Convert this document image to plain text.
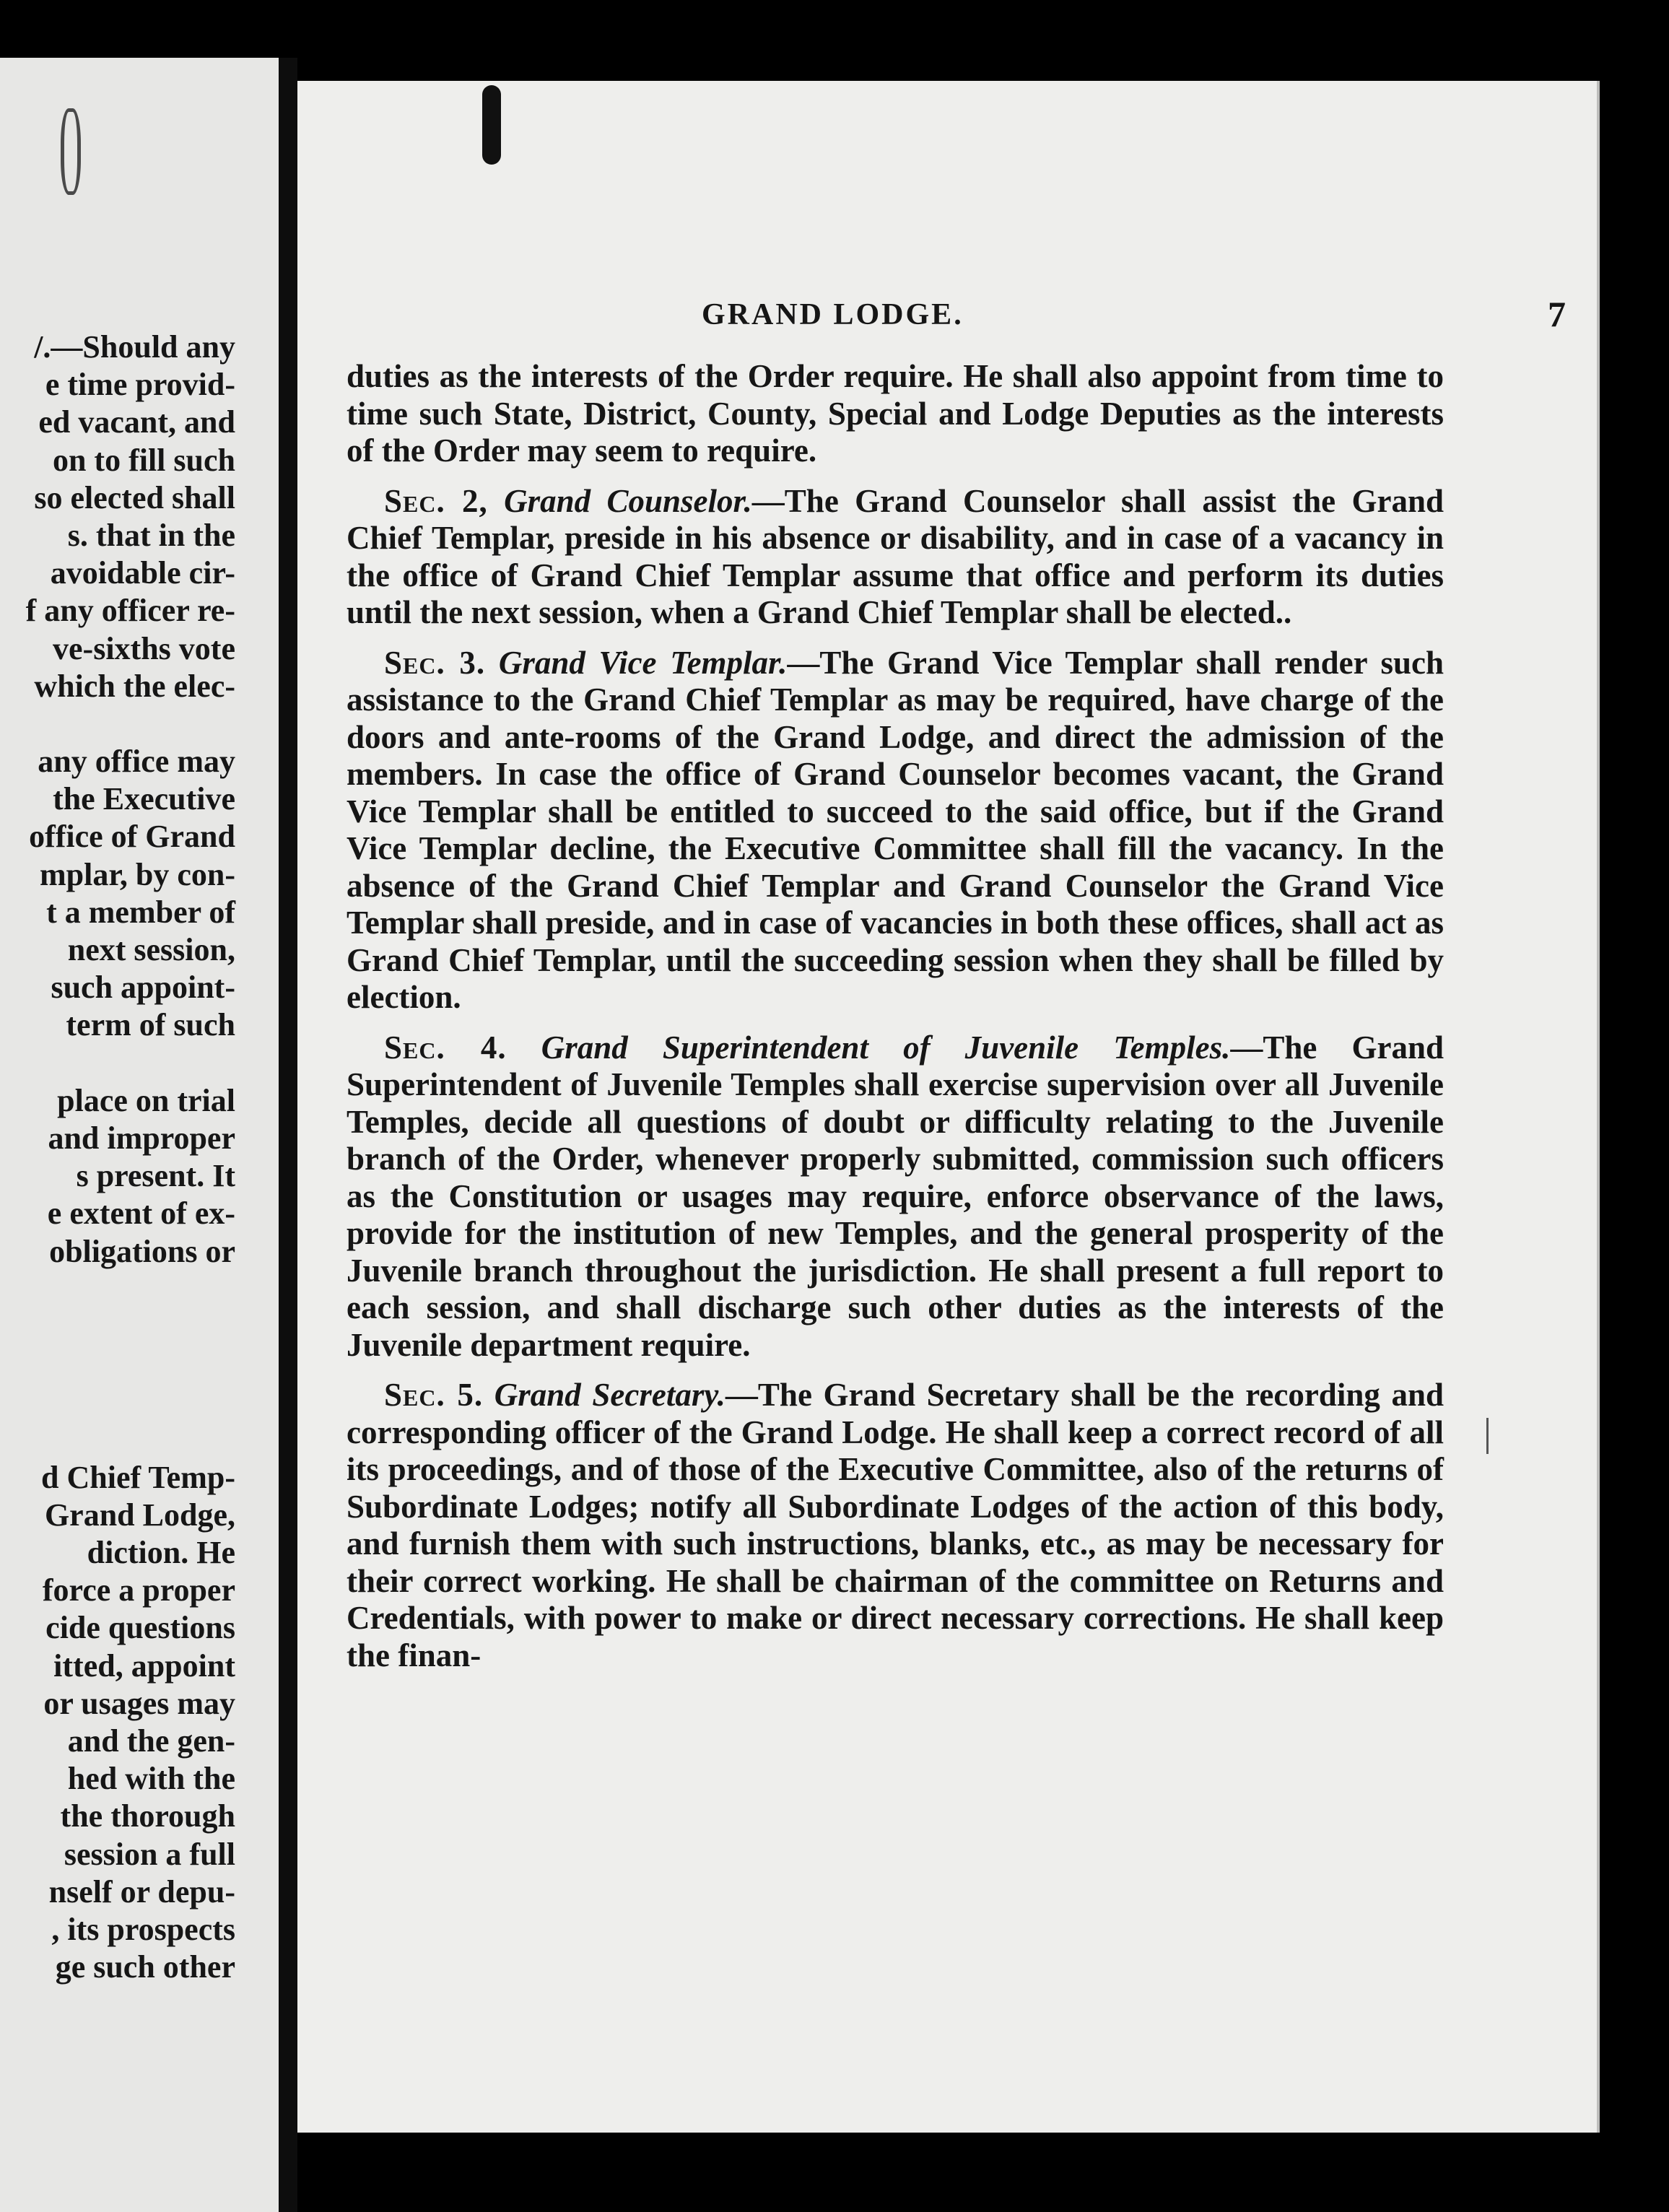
/.—Should any
e time provid-
ed vacant, and
on to fill such
so elected shall
s. that in the
avoidable cir-
f any officer re-
ve-sixths vote
which the elec-
any office may
the Executive
office of Grand
mplar, by con-
t a member of
next session,
such appoint-
term of such
place on trial
and improper
s present. It
e extent of ex-
obligations or
d Chief Temp-
Grand Lodge,
diction. He
force a proper
cide questions
itted, appoint
or usages may
and the gen-
hed with the
the thorough
session a full
nself or depu-
, its prospects
ge such other
GRAND LODGE.	7

duties as the interests of the Order require. He shall also appoint from time to time such State, District, County, Special and Lodge Deputies as the interests of the Order may seem to require.

Sec. 2, Grand Counselor.—The Grand Counselor shall assist the Grand Chief Templar, preside in his absence or disability, and in case of a vacancy in the office of Grand Chief Templar assume that office and perform its duties until the next session, when a Grand Chief Templar shall be elected..

Sec. 3. Grand Vice Templar.—The Grand Vice Templar shall render such assistance to the Grand Chief Templar as may be required, have charge of the doors and ante-rooms of the Grand Lodge, and direct the admission of the members. In case the office of Grand Counselor becomes vacant, the Grand Vice Templar shall be entitled to succeed to the said office, but if the Grand Vice Templar decline, the Executive Committee shall fill the vacancy. In the absence of the Grand Chief Templar and Grand Counselor the Grand Vice Templar shall preside, and in case of vacancies in both these offices, shall act as Grand Chief Templar, until the succeeding session when they shall be filled by election.

Sec. 4. Grand Superintendent of Juvenile Temples.—The Grand Superintendent of Juvenile Temples shall exercise supervision over all Juvenile Temples, decide all questions of doubt or difficulty relating to the Juvenile branch of the Order, whenever properly submitted, commission such officers as the Constitution or usages may require, enforce observance of the laws, provide for the institution of new Temples, and the general prosperity of the Juvenile branch throughout the jurisdiction. He shall present a full report to each session, and shall discharge such other duties as the interests of the Juvenile department require.

Sec. 5. Grand Secretary.—The Grand Secretary shall be the recording and corresponding officer of the Grand Lodge. He shall keep a correct record of all its proceedings, and of those of the Executive Committee, also of the returns of Subordinate Lodges; notify all Subordinate Lodges of the action of this body, and furnish them with such instructions, blanks, etc., as may be necessary for their correct working. He shall be chairman of the committee on Returns and Credentials, with power to make or direct necessary corrections. He shall keep the finan-
